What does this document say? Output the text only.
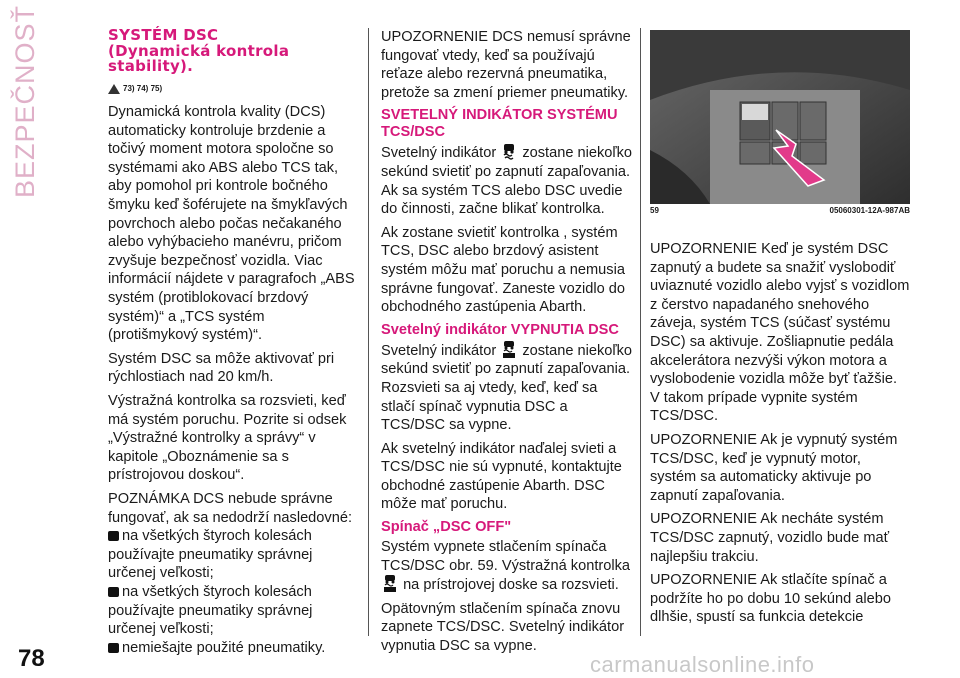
BEZPEČNOSŤ	SYSTÉM DSC
(Dynamická kontrola
stability).
73) 74) 75)

Dynamická kontrola kvality (DCS) automaticky kontroluje brzdenie a točivý moment motora spoločne so systémami ako ABS alebo TCS tak, aby pomohol pri kontrole bočného šmyku keď šoférujete na šmykľavých povrchoch alebo počas nečakaného alebo vyhýbacieho manévru, pričom zvyšuje bezpečnosť vozidla. Viac informácií nájdete v paragrafoch „ABS systém (protiblokovací brzdový systém)“ a „TCS systém (protišmykový systém)“.

Systém DSC sa môže aktivovať pri rýchlostiach nad 20 km/h.

Výstražná kontrolka sa rozsvieti, keď má systém poruchu. Pozrite si odsek „Výstražné kontrolky a správy“ v kapitole „Oboznámenie sa s prístrojovou doskou“.

POZNÁMKA DCS nebude správne fungovať, ak sa nedodrží nasledovné:

na všetkých štyroch kolesách používajte pneumatiky správnej určenej veľkosti;
na všetkých štyroch kolesách používajte pneumatiky správnej určenej veľkosti;
nemiešajte použité pneumatiky.

UPOZORNENIE DCS nemusí správne fungovať vtedy, keď sa používajú reťaze alebo rezervná pneumatika, pretože sa zmení priemer pneumatiky.

SVETELNÝ INDIKÁTOR SYSTÉMU TCS/DSC

Svetelný indikátor zostane niekoľko sekúnd svietiť po zapnutí zapaľovania. Ak sa systém TCS alebo DSC uvedie do činnosti, začne blikať kontrolka.

Ak zostane svietiť kontrolka , systém TCS, DSC alebo brzdový asistent systém môžu mať poruchu a nemusia správne fungovať. Zaneste vozidlo do obchodného zastúpenia Abarth.

Svetelný indikátor VYPNUTIA DSC

Svetelný indikátor zostane niekoľko sekúnd svietiť po zapnutí zapaľovania. Rozsvieti sa aj vtedy, keď, keď sa stlačí spínač vypnutia DSC a TCS/DSC sa vypne.

Ak svetelný indikátor naďalej svieti a TCS/DSC nie sú vypnuté, kontaktujte obchodné zastúpenie Abarth. DSC môže mať poruchu.

Spínač „DSC OFF"

Systém vypnete stlačením spínača TCS/DSC obr. 59. Výstražná kontrolka
na prístrojovej doske sa rozsvieti.

Opätovným stlačením spínača znovu zapnete TCS/DSC. Svetelný indikátor vypnutia DSC sa vypne.

59	05060301-12A-987AB

UPOZORNENIE Keď je systém DSC zapnutý a budete sa snažiť vyslobodiť uviaznuté vozidlo alebo vyjsť s vozidlom z čerstvo napadaného snehového záveja, systém TCS (súčasť systému DSC) sa aktivuje. Zošliapnutie pedála akcelerátora nezvýši výkon motora a vyslobodenie vozidla môže byť ťažšie. V takom prípade vypnite systém TCS/DSC.

UPOZORNENIE Ak je vypnutý systém TCS/DSC, keď je vypnutý motor, systém sa automaticky aktivuje po zapnutí zapaľovania.

UPOZORNENIE Ak necháte systém TCS/DSC zapnutý, vozidlo bude mať najlepšiu trakciu.

UPOZORNENIE Ak stlačíte spínač a podržíte ho po dobu 10 sekúnd alebo dlhšie, spustí sa funkcia detekcie

78	carmanualsonline.info
